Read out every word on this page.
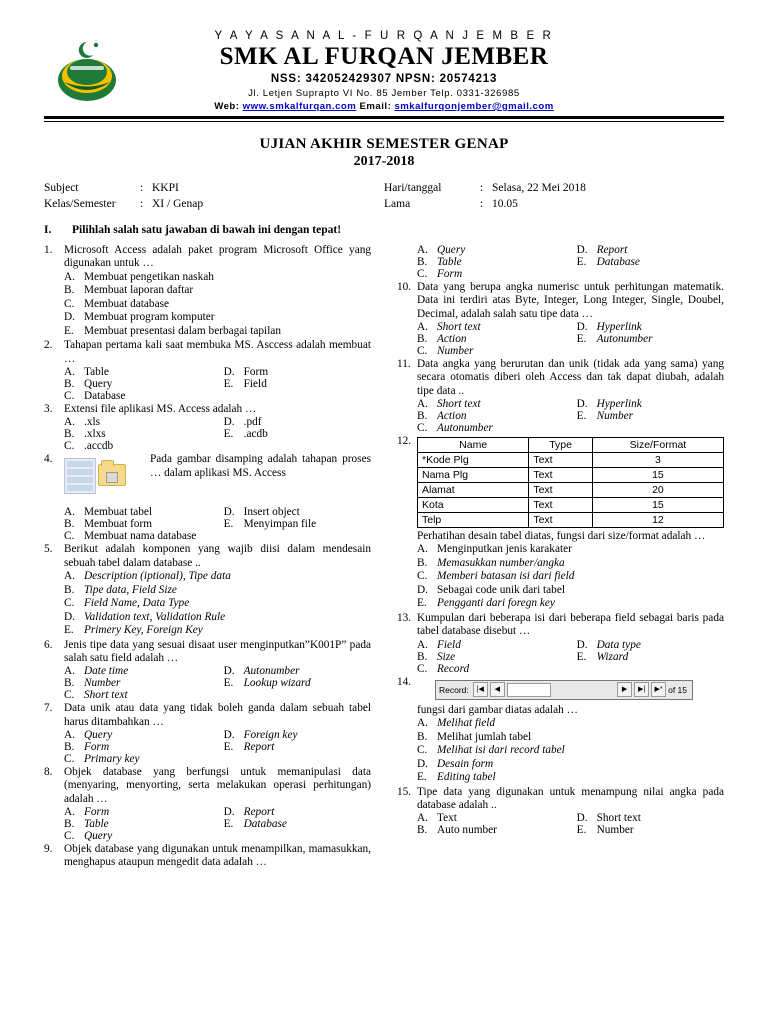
Y A Y A S A N A L - F U R Q A N J E M B E R
SMK AL FURQAN JEMBER
NSS: 342052429307 NPSN: 20574213
Jl. Letjen Suprapto VI No. 85 Jember Telp. 0331-326985
Web: www.smkalfurqan.com Email: smkalfurqonjember@gmail.com
UJIAN AKHIR SEMESTER GENAP
2017-2018
Subject	: KKPI
Kelas/Semester	: XI / Genap
Hari/tanggal	: Selasa, 22 Mei 2018
Lama	: 10.05
I.	Pilihlah salah satu jawaban di bawah ini dengan tepat!
1.	Microsoft Access adalah paket program Microsoft Office yang digunakan untuk …
A. Membuat pengetikan naskah
B. Membuat laporan daftar
C. Membuat database
D. Membuat program komputer
E. Membuat presentasi dalam berbagai tapilan
2.	Tahapan pertama kali saat membuka MS. Asccess adalah membuat …
A. Table	D. Form
B. Query	E. Field
C. Database
3.	Extensi file aplikasi MS. Access adalah …
A. .xls	D. .pdf
B. .xlxs	E. .acdb
C. .accdb
4.	Pada gambar disamping adalah tahapan proses … dalam aplikasi MS. Access
A. Membuat tabel	D. Insert object
B. Membuat form	E. Menyimpan file
C. Membuat nama database
5.	Berikut adalah komponen yang wajib diisi dalam mendesain sebuah tabel dalam database ..
A. Description (iptional), Tipe data
B. Tipe data, Field Size
C. Field Name, Data Type
D. Validation text, Validation Rule
E. Primery Key, Foreign Key
6.	Jenis tipe data yang sesuai disaat user menginputkan”K001P” pada salah satu field adalah …
A. Date time	D. Autonumber
B. Number	E. Lookup wizard
C. Short text
7.	Data unik atau data yang tidak boleh ganda dalam sebuah tabel harus ditambahkan …
A. Query	D. Foreign key
B. Form	E. Report
C. Primary key
8.	Objek database yang berfungsi untuk memanipulasi data (menyaring, menyorting, serta melakukan operasi perhitungan) adalah …
A. Form	D. Report
B. Table	E. Database
C. Query
9.	Objek database yang digunakan untuk menampilkan, mamasukkan, menghapus ataupun mengedit data adalah …
A. Query	D. Report
B. Table	E. Database
C. Form
10. Data yang berupa angka numerisc untuk perhitungan matematik. Data ini terdiri atas Byte, Integer, Long Integer, Single, Doubel, Decimal, adalah salah satu tipe data …
A. Short text	D. Hyperlink
B. Action	E. Autonumber
C. Number
11. Data angka yang berurutan dan unik (tidak ada yang sama) yang secara otomatis diberi oleh Access dan tak dapat diubah, adalah tipe data ..
A. Short text	D. Hyperlink
B. Action	E. Number
C. Autonumber
12.	Name	Type	Size/Format
*Kode Plg	Text	3
Nama Plg	Text	15
Alamat	Text	20
Kota	Text	15
Telp	Text	12
Perhatihan desain tabel diatas, fungsi dari size/format adalah …
A. Menginputkan jenis karakater
B. Memasukkan number/angka
C. Memberi batasan isi dari field
D. Sebagai code unik dari tabel
E. Pengganti dari foregn key
13. Kumpulan dari beberapa isi dari beberapa field sebagai baris pada tabel database disebut …
A. Field	D. Data type
B. Size	E. Wizard
C. Record
14.
Record:	|◀	◀	▶	▶|	▶* of 15
fungsi dari gambar diatas adalah …
A. Melihat field
B. Melihat jumlah tabel
C. Melihat isi dari record tabel
D. Desain form
E. Editing tabel
15. Tipe data yang digunakan untuk menampung nilai angka pada database adalah ..
A. Text	D. Short text
B. Auto number	E. Number
